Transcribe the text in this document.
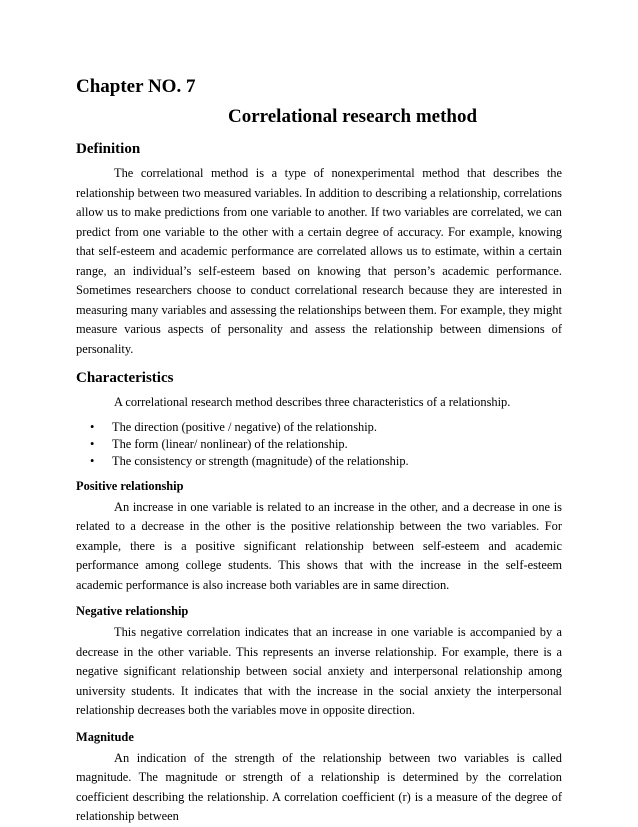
Chapter NO. 7
Correlational research method
Definition

The correlational method is a type of nonexperimental method that describes the relationship between two measured variables. In addition to describing a relationship, correlations allow us to make predictions from one variable to another. If two variables are correlated, we can predict from one variable to the other with a certain degree of accuracy. For example, knowing that self-esteem and academic performance are correlated allows us to estimate, within a certain range, an individual’s self-esteem based on knowing that person’s academic performance. Sometimes researchers choose to conduct correlational research because they are interested in measuring many variables and assessing the relationships between them. For example, they might measure various aspects of personality and assess the relationship between dimensions of personality.

Characteristics

A correlational research method describes three characteristics of a relationship.

• The direction (positive / negative) of the relationship.
• The form (linear/ nonlinear) of the relationship.
• The consistency or strength (magnitude) of the relationship.
Positive relationship

An increase in one variable is related to an increase in the other, and a decrease in one is related to a decrease in the other is the positive relationship between the two variables. For example, there is a positive significant relationship between self-esteem and academic performance among college students. This shows that with the increase in the self-esteem academic performance is also increase both variables are in same direction.

Negative relationship

This negative correlation indicates that an increase in one variable is accompanied by a decrease in the other variable. This represents an inverse relationship. For example, there is a negative significant relationship between social anxiety and interpersonal relationship among university students. It indicates that with the increase in the social anxiety the interpersonal relationship decreases both the variables move in opposite direction.

Magnitude

An indication of the strength of the relationship between two variables is called magnitude. The magnitude or strength of a relationship is determined by the correlation coefficient describing the relationship. A correlation coefficient (r) is a measure of the degree of relationship between
